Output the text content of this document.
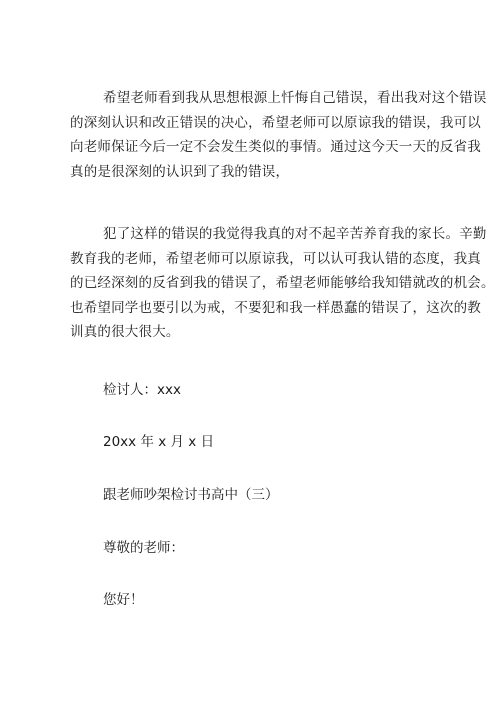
希望老师看到我从思想根源上忏悔自己错误，看出我对这个错误
的深刻认识和改正错误的决心，希望老师可以原谅我的错误，我可以
向老师保证今后一定不会发生类似的事情。通过这今天一天的反省我
真的是很深刻的认识到了我的错误，
犯了这样的错误的我觉得我真的对不起辛苦养育我的家长。辛勤
教育我的老师，希望老师可以原谅我，可以认可我认错的态度，我真
的已经深刻的反省到我的错误了，希望老师能够给我知错就改的机会。
也希望同学也要引以为戒，不要犯和我一样愚蠢的错误了，这次的教
训真的很大很大。
检讨人：xxx
20xx 年 x 月 x 日
跟老师吵架检讨书高中（三）
尊敬的老师：
您好！
